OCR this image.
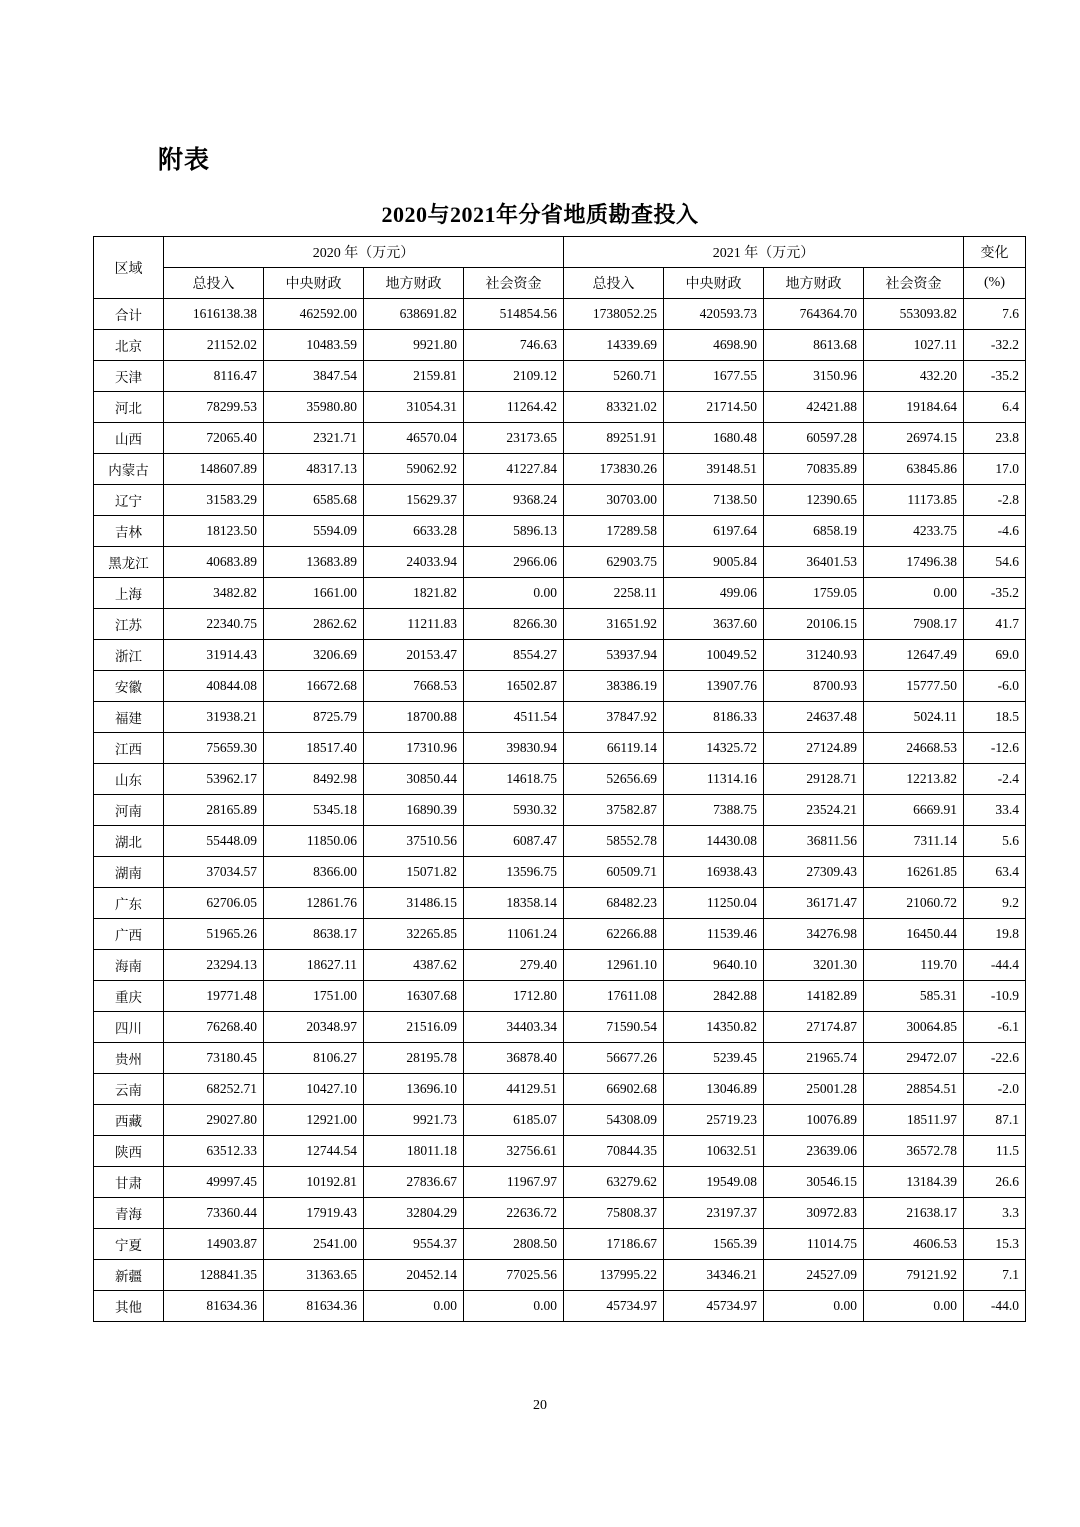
附表
2020与2021年分省地质勘查投入
区域	2020 年（万元）				2021 年（万元）				变化
	总投入	中央财政	地方财政	社会资金	总投入	中央财政	地方财政	社会资金	(%)
合计	1616138.38	462592.00	638691.82	514854.56	1738052.25	420593.73	764364.70	553093.82	7.6
北京	21152.02	10483.59	9921.80	746.63	14339.69	4698.90	8613.68	1027.11	-32.2
天津	8116.47	3847.54	2159.81	2109.12	5260.71	1677.55	3150.96	432.20	-35.2
河北	78299.53	35980.80	31054.31	11264.42	83321.02	21714.50	42421.88	19184.64	6.4
山西	72065.40	2321.71	46570.04	23173.65	89251.91	1680.48	60597.28	26974.15	23.8
内蒙古	148607.89	48317.13	59062.92	41227.84	173830.26	39148.51	70835.89	63845.86	17.0
辽宁	31583.29	6585.68	15629.37	9368.24	30703.00	7138.50	12390.65	11173.85	-2.8
吉林	18123.50	5594.09	6633.28	5896.13	17289.58	6197.64	6858.19	4233.75	-4.6
黑龙江	40683.89	13683.89	24033.94	2966.06	62903.75	9005.84	36401.53	17496.38	54.6
上海	3482.82	1661.00	1821.82	0.00	2258.11	499.06	1759.05	0.00	-35.2
江苏	22340.75	2862.62	11211.83	8266.30	31651.92	3637.60	20106.15	7908.17	41.7
浙江	31914.43	3206.69	20153.47	8554.27	53937.94	10049.52	31240.93	12647.49	69.0
安徽	40844.08	16672.68	7668.53	16502.87	38386.19	13907.76	8700.93	15777.50	-6.0
福建	31938.21	8725.79	18700.88	4511.54	37847.92	8186.33	24637.48	5024.11	18.5
江西	75659.30	18517.40	17310.96	39830.94	66119.14	14325.72	27124.89	24668.53	-12.6
山东	53962.17	8492.98	30850.44	14618.75	52656.69	11314.16	29128.71	12213.82	-2.4
河南	28165.89	5345.18	16890.39	5930.32	37582.87	7388.75	23524.21	6669.91	33.4
湖北	55448.09	11850.06	37510.56	6087.47	58552.78	14430.08	36811.56	7311.14	5.6
湖南	37034.57	8366.00	15071.82	13596.75	60509.71	16938.43	27309.43	16261.85	63.4
广东	62706.05	12861.76	31486.15	18358.14	68482.23	11250.04	36171.47	21060.72	9.2
广西	51965.26	8638.17	32265.85	11061.24	62266.88	11539.46	34276.98	16450.44	19.8
海南	23294.13	18627.11	4387.62	279.40	12961.10	9640.10	3201.30	119.70	-44.4
重庆	19771.48	1751.00	16307.68	1712.80	17611.08	2842.88	14182.89	585.31	-10.9
四川	76268.40	20348.97	21516.09	34403.34	71590.54	14350.82	27174.87	30064.85	-6.1
贵州	73180.45	8106.27	28195.78	36878.40	56677.26	5239.45	21965.74	29472.07	-22.6
云南	68252.71	10427.10	13696.10	44129.51	66902.68	13046.89	25001.28	28854.51	-2.0
西藏	29027.80	12921.00	9921.73	6185.07	54308.09	25719.23	10076.89	18511.97	87.1
陕西	63512.33	12744.54	18011.18	32756.61	70844.35	10632.51	23639.06	36572.78	11.5
甘肃	49997.45	10192.81	27836.67	11967.97	63279.62	19549.08	30546.15	13184.39	26.6
青海	73360.44	17919.43	32804.29	22636.72	75808.37	23197.37	30972.83	21638.17	3.3
宁夏	14903.87	2541.00	9554.37	2808.50	17186.67	1565.39	11014.75	4606.53	15.3
新疆	128841.35	31363.65	20452.14	77025.56	137995.22	34346.21	24527.09	79121.92	7.1
其他	81634.36	81634.36	0.00	0.00	45734.97	45734.97	0.00	0.00	-44.0
20
